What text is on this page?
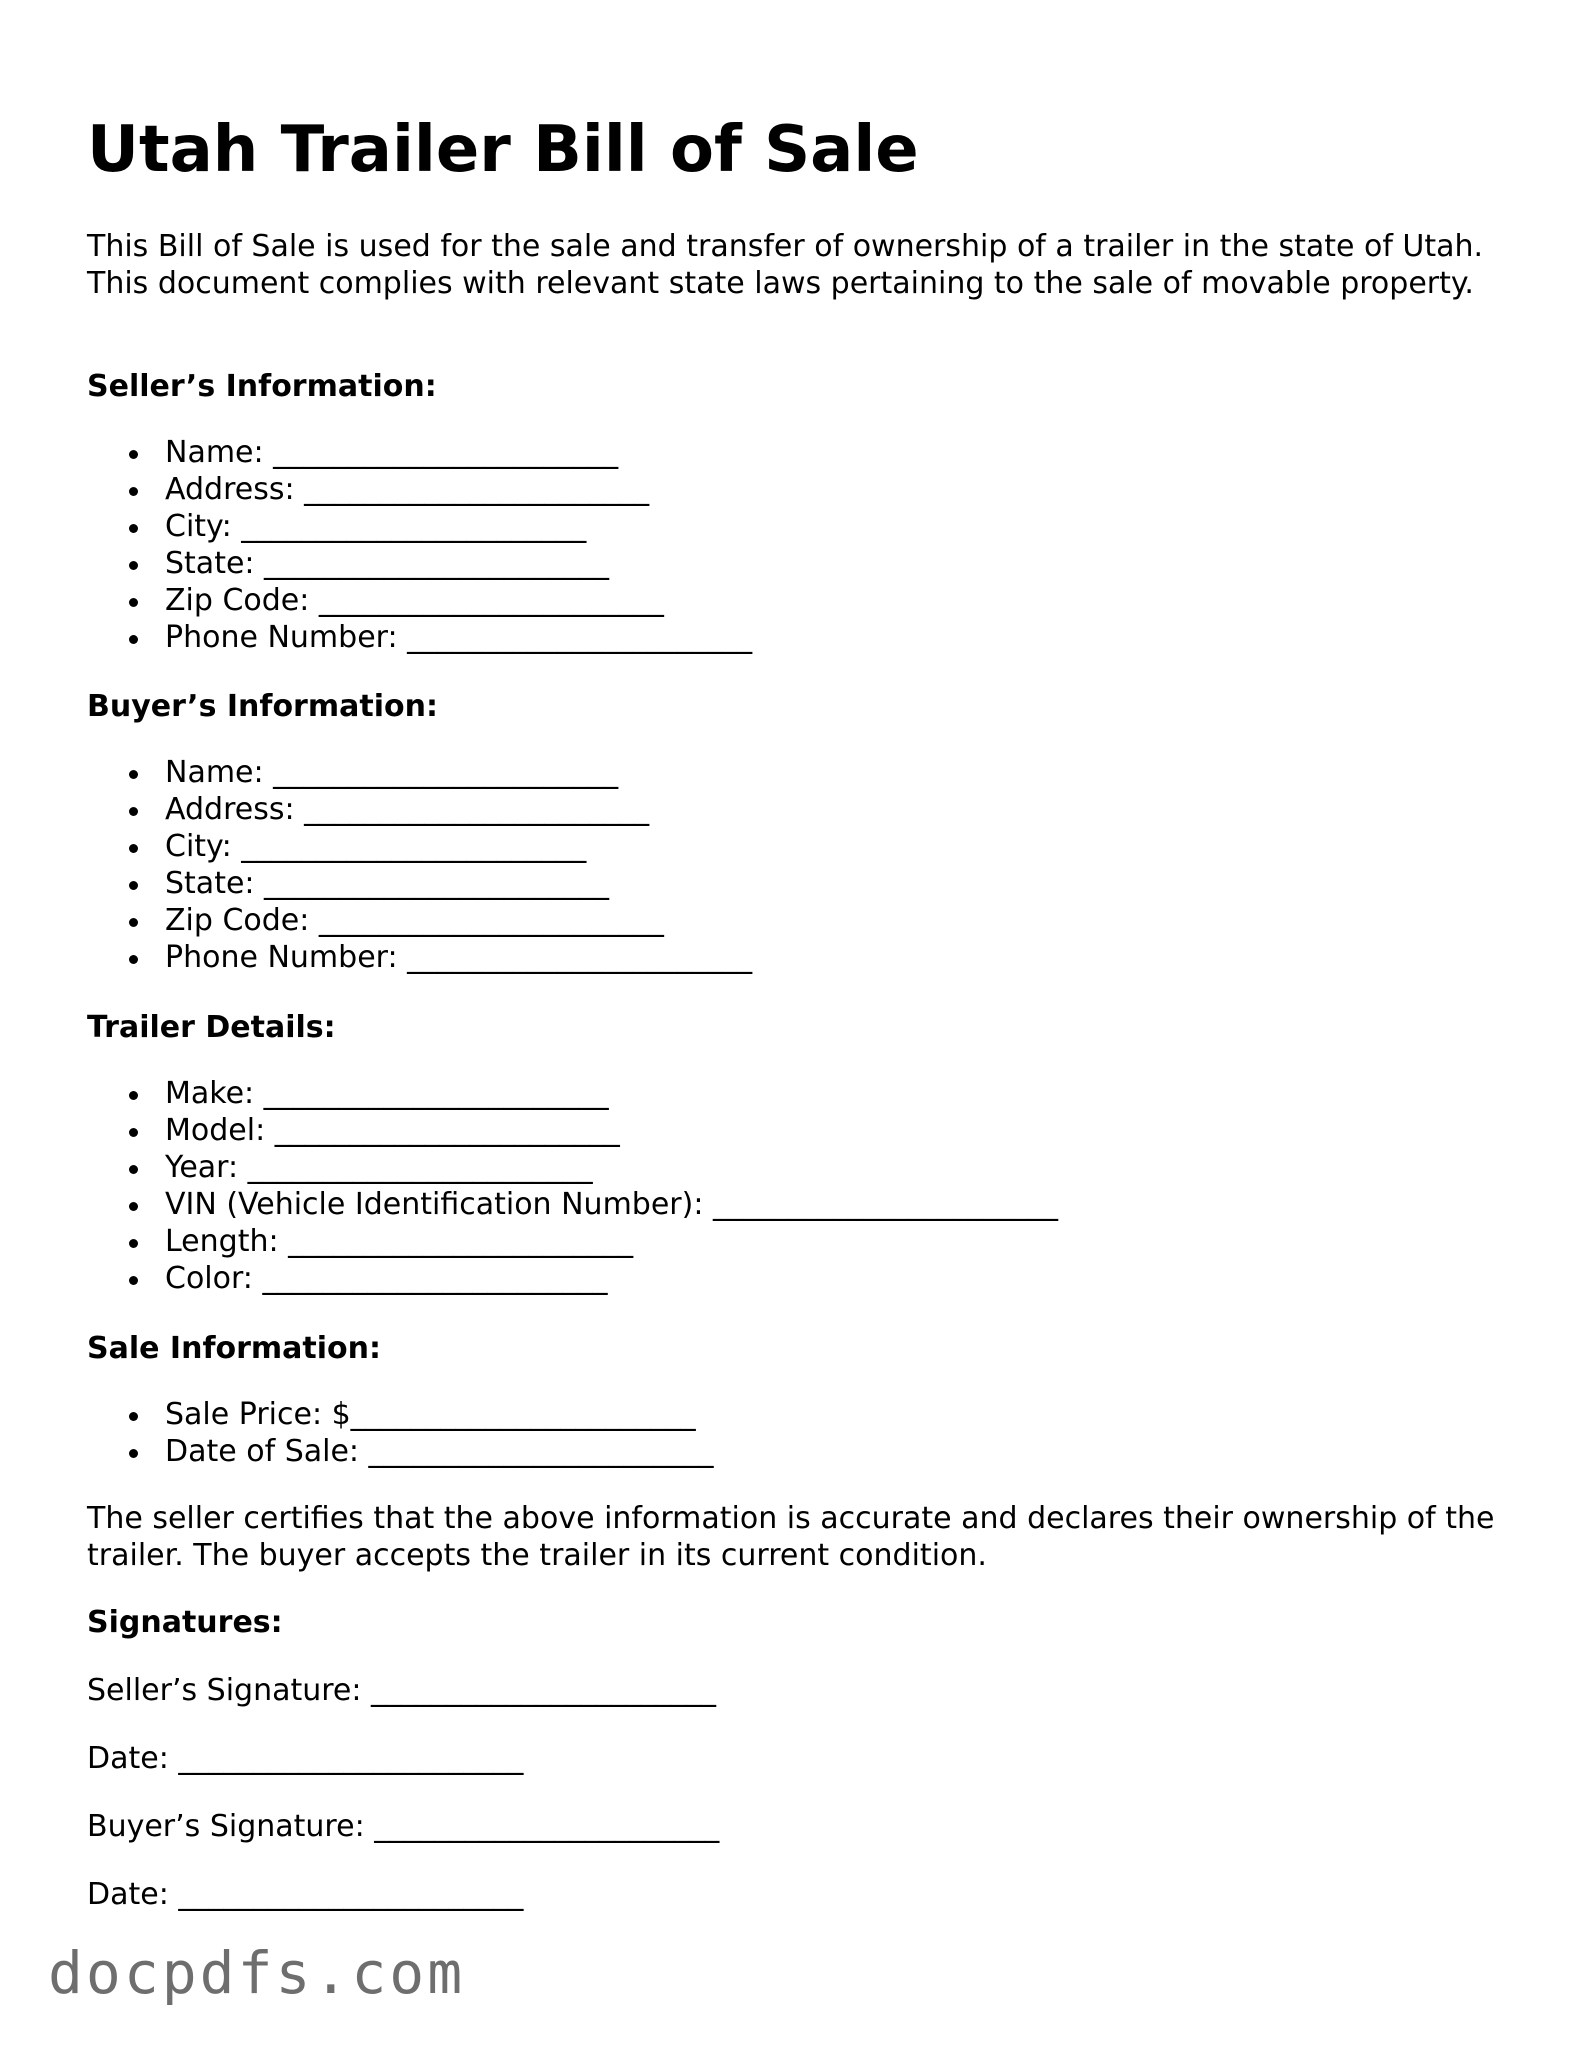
Utah Trailer Bill of Sale

This Bill of Sale is used for the sale and transfer of ownership of a trailer in the state of Utah. This document complies with relevant state laws pertaining to the sale of movable property.

Seller’s Information:
Name: _______________________
Address: _______________________
City: _______________________
State: _______________________
Zip Code: _______________________
Phone Number: _______________________
Buyer’s Information:
Name: _______________________
Address: _______________________
City: _______________________
State: _______________________
Zip Code: _______________________
Phone Number: _______________________
Trailer Details:
Make: _______________________
Model: _______________________
Year: _______________________
VIN (Vehicle Identification Number): _______________________
Length: _______________________
Color: _______________________
Sale Information:
Sale Price: $_______________________
Date of Sale: _______________________

The seller certifies that the above information is accurate and declares their ownership of the trailer. The buyer accepts the trailer in its current condition.

Signatures:

Seller’s Signature: _______________________

Date: _______________________

Buyer’s Signature: _______________________

Date: _______________________

docpdfs.com
